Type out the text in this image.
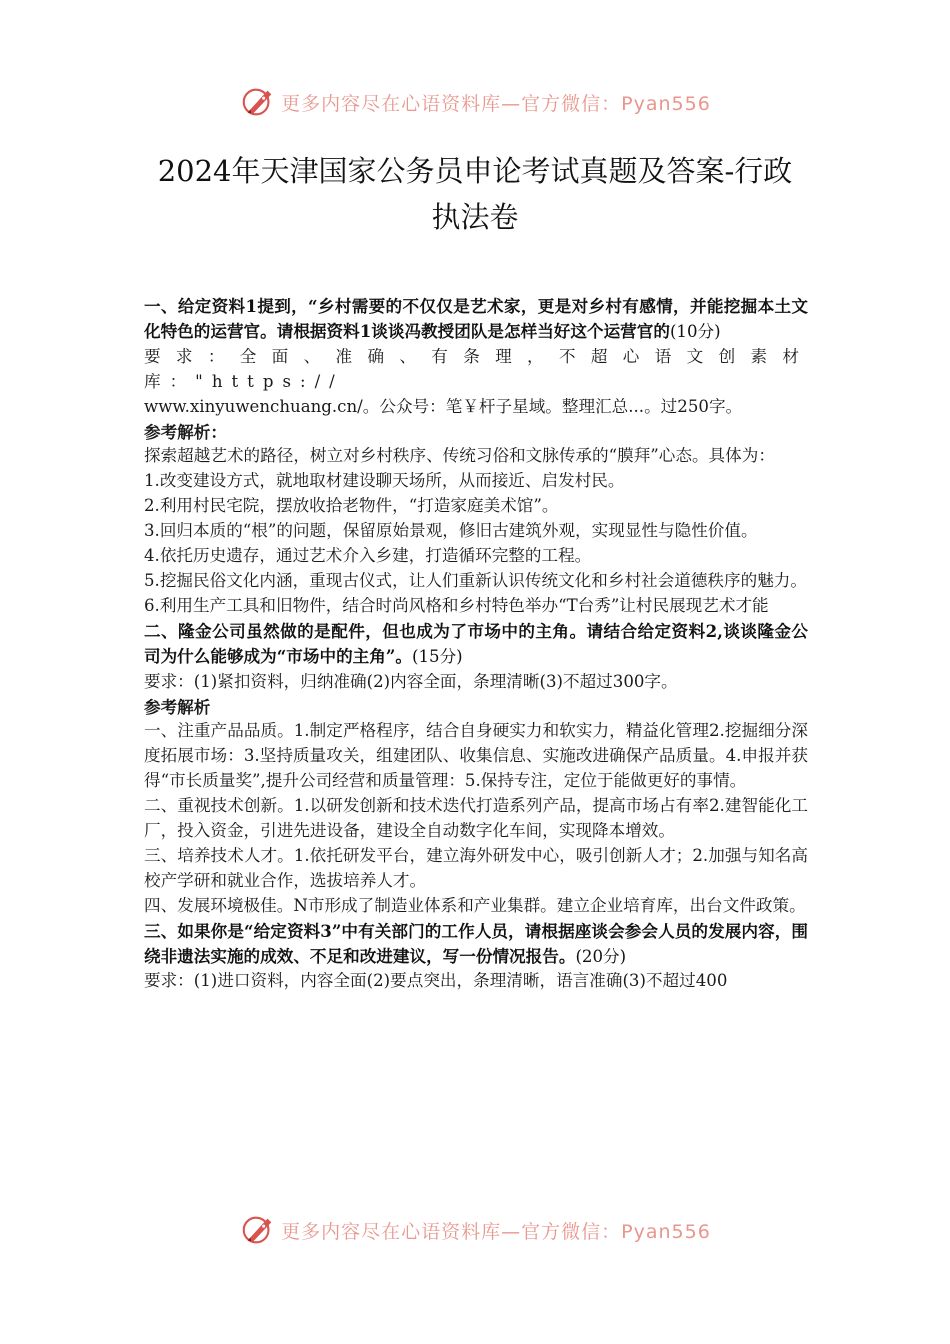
更多内容尽在心语资料库—官方微信：Pyan556
2024年天津国家公务员申论考试真题及答案-行政
执法卷

一、给定资料1提到，“乡村需要的不仅仅是艺术家，更是对乡村有感情，并能挖掘本土文化特色的运营官。请根据资料1谈谈冯教授团队是怎样当好这个运营官的(10分)

要求：全面、准确、有条理，不超心语文创素材库："https://

www.xinyuwenchuang.cn/。公众号：笔￥杆子星域。整理汇总...。过250字。

参考解析：

探索超越艺术的路径，树立对乡村秩序、传统习俗和文脉传承的“膜拜”心态。具体为：

1.改变建设方式，就地取材建设聊天场所，从而接近、启发村民。

2.利用村民宅院，摆放收拾老物件，“打造家庭美术馆”。

3.回归本质的“根”的问题，保留原始景观，修旧古建筑外观，实现显性与隐性价值。

4.依托历史遗存，通过艺术介入乡建，打造循环完整的工程。

5.挖掘民俗文化内涵，重现古仪式，让人们重新认识传统文化和乡村社会道德秩序的魅力。

6.利用生产工具和旧物件，结合时尚风格和乡村特色举办“T台秀”让村民展现艺术才能

二、隆金公司虽然做的是配件，但也成为了市场中的主角。请结合给定资料2,谈谈隆金公司为什么能够成为“市场中的主角”。(15分)

要求：(1)紧扣资料，归纳准确(2)内容全面，条理清晰(3)不超过300字。

参考解析

一、注重产品品质。1.制定严格程序，结合自身硬实力和软实力，精益化管理2.挖掘细分深度拓展市场：3.坚持质量攻关，组建团队、收集信息、实施改进确保产品质量。4.申报并获得“市长质量奖”,提升公司经营和质量管理：5.保持专注，定位于能做更好的事情。

二、重视技术创新。1.以研发创新和技术迭代打造系列产品，提高市场占有率2.建智能化工厂，投入资金，引进先进设备，建设全自动数字化车间，实现降本增效。

三、培养技术人才。1.依托研发平台，建立海外研发中心，吸引创新人才；2.加强与知名高校产学研和就业合作，选拔培养人才。

四、发展环境极佳。N市形成了制造业体系和产业集群。建立企业培育库，出台文件政策。

三、如果你是“给定资料3”中有关部门的工作人员，请根据座谈会参会人员的发展内容，围绕非遗法实施的成效、不足和改进建议，写一份情况报告。(20分)

要求：(1)进口资料，内容全面(2)要点突出，条理清晰，语言准确(3)不超过400

更多内容尽在心语资料库—官方微信：Pyan556
